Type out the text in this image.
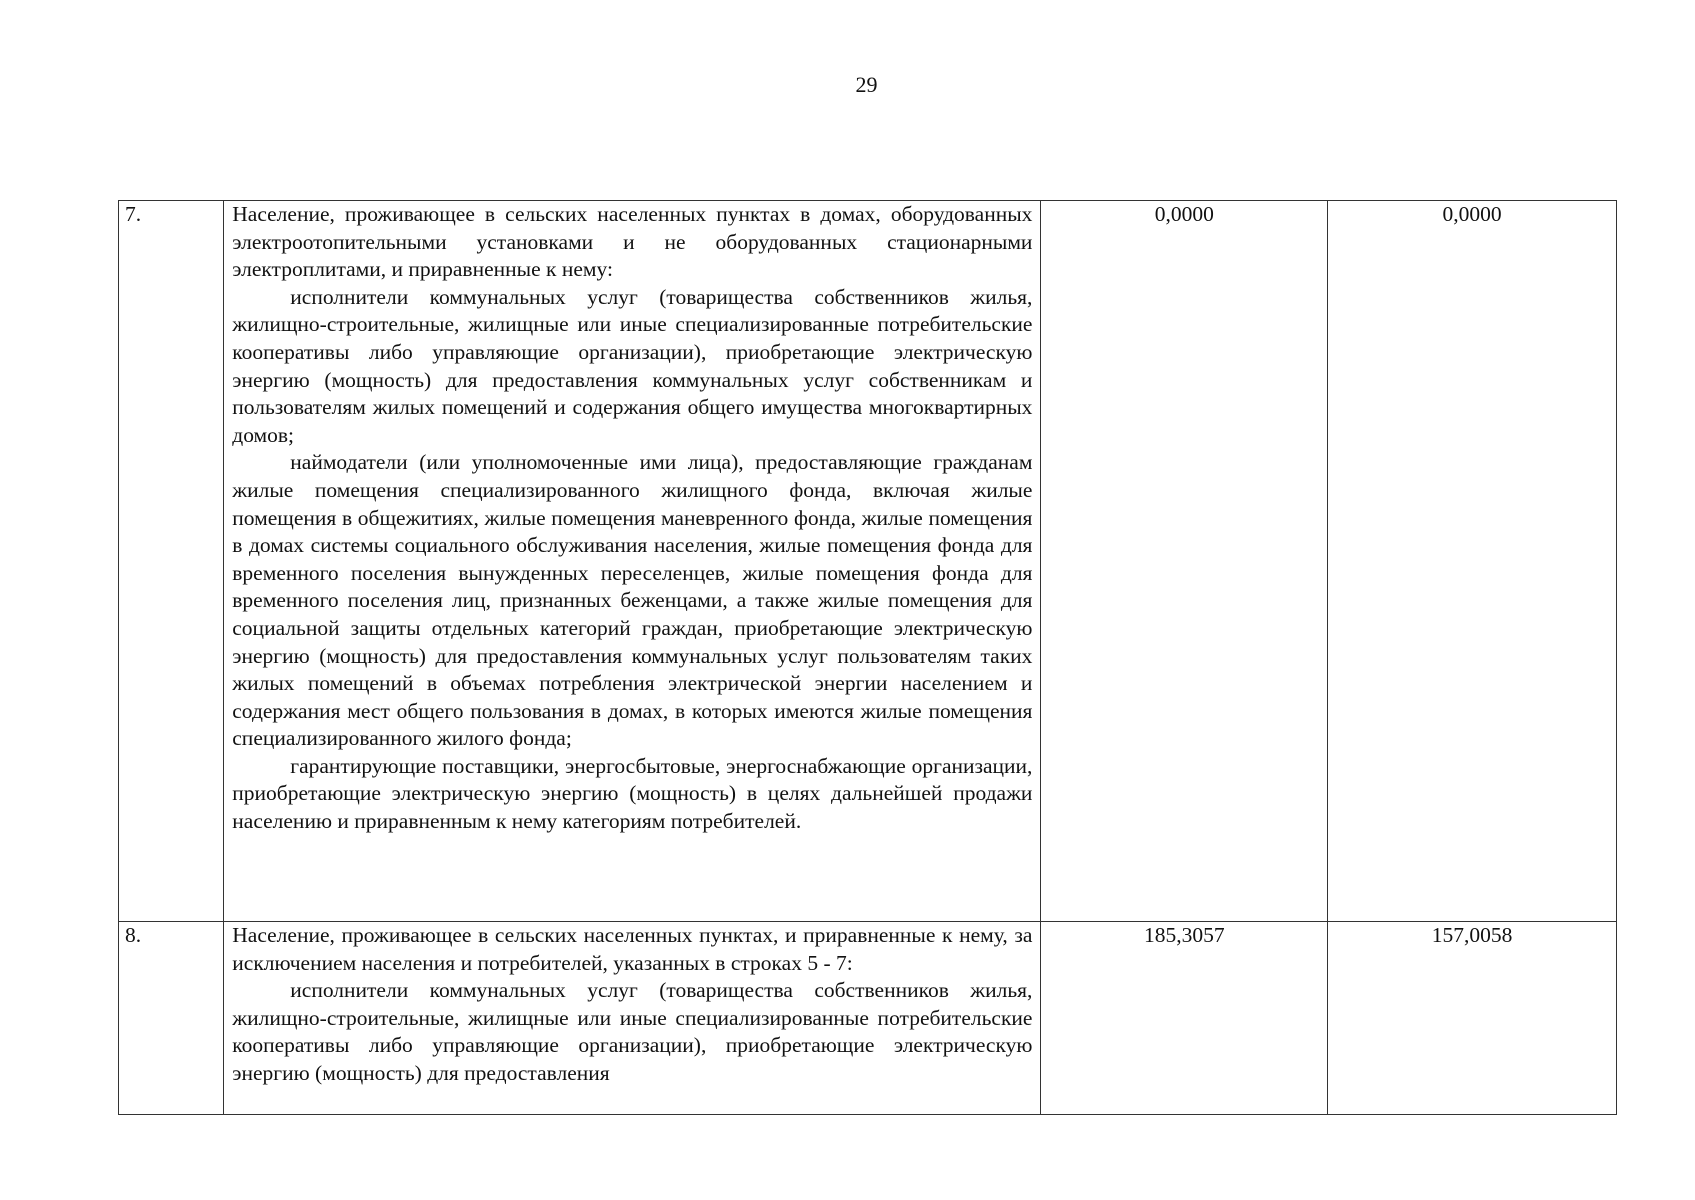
29
7.	Население, проживающее в сельских населенных пунктах в домах, оборудованных электроотопительными установками и не оборудованных стационарными электроплитами, и приравненные к нему:

исполнители коммунальных услуг (товарищества собственников жилья, жилищно-строительные, жилищные или иные специализированные потребительские кооперативы либо управляющие организации), приобретающие электрическую энергию (мощность) для предоставления коммунальных услуг собственникам и пользователям жилых помещений и содержания общего имущества многоквартирных домов;

наймодатели (или уполномоченные ими лица), предоставляющие гражданам жилые помещения специализированного жилищного фонда, включая жилые помещения в общежитиях, жилые помещения маневренного фонда, жилые помещения в домах системы социального обслуживания населения, жилые помещения фонда для временного поселения вынужденных переселенцев, жилые помещения фонда для временного поселения лиц, признанных беженцами, а также жилые помещения для социальной защиты отдельных категорий граждан, приобретающие электрическую энергию (мощность) для предоставления коммунальных услуг пользователям таких жилых помещений в объемах потребления электрической энергии населением и содержания мест общего пользования в домах, в которых имеются жилые помещения специализированного жилого фонда;

гарантирующие поставщики, энергосбытовые, энергоснабжающие организации, приобретающие электрическую энергию (мощность) в целях дальнейшей продажи населению и приравненным к нему категориям потребителей.	0,0000	0,0000
8.	Население, проживающее в сельских населенных пунктах, и приравненные к нему, за исключением населения и потребителей, указанных в строках 5 - 7:

исполнители коммунальных услуг (товарищества собственников жилья, жилищно-строительные, жилищные или иные специализированные потребительские кооперативы либо управляющие организации), приобретающие электрическую энергию (мощность) для предоставления	185,3057	157,0058
